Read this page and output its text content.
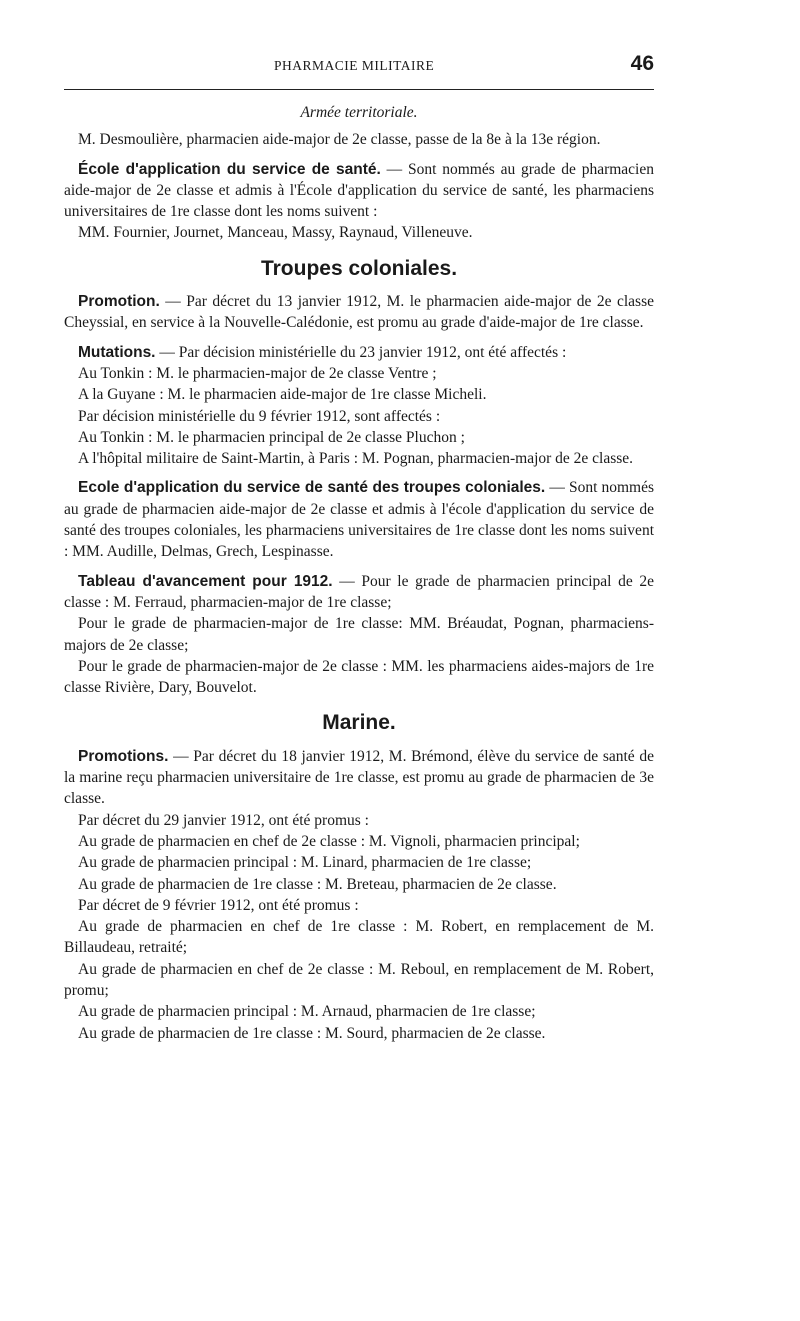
PHARMACIE MILITAIRE	46

Armée territoriale.

M. Desmoulière, pharmacien aide-major de 2e classe, passe de la 8e à la 13e région.

École d'application du service de santé. — Sont nommés au grade de pharmacien aide-major de 2e classe et admis à l'École d'application du service de santé, les pharmaciens universitaires de 1re classe dont les noms suivent :

MM. Fournier, Journet, Manceau, Massy, Raynaud, Villeneuve.

Troupes coloniales.

Promotion. — Par décret du 13 janvier 1912, M. le pharmacien aide-major de 2e classe Cheyssial, en service à la Nouvelle-Calédonie, est promu au grade d'aide-major de 1re classe.

Mutations. — Par décision ministérielle du 23 janvier 1912, ont été affectés :

Au Tonkin : M. le pharmacien-major de 2e classe Ventre ;

A la Guyane : M. le pharmacien aide-major de 1re classe Micheli.

Par décision ministérielle du 9 février 1912, sont affectés :

Au Tonkin : M. le pharmacien principal de 2e classe Pluchon ;

A l'hôpital militaire de Saint-Martin, à Paris : M. Pognan, pharmacien-major de 2e classe.

Ecole d'application du service de santé des troupes coloniales. — Sont nommés au grade de pharmacien aide-major de 2e classe et admis à l'école d'application du service de santé des troupes coloniales, les pharmaciens universitaires de 1re classe dont les noms suivent : MM. Audille, Delmas, Grech, Lespinasse.

Tableau d'avancement pour 1912. — Pour le grade de pharmacien principal de 2e classe : M. Ferraud, pharmacien-major de 1re classe;

Pour le grade de pharmacien-major de 1re classe: MM. Bréaudat, Pognan, pharmaciens-majors de 2e classe;

Pour le grade de pharmacien-major de 2e classe : MM. les pharmaciens aides-majors de 1re classe Rivière, Dary, Bouvelot.

Marine.

Promotions. — Par décret du 18 janvier 1912, M. Brémond, élève du service de santé de la marine reçu pharmacien universitaire de 1re classe, est promu au grade de pharmacien de 3e classe.

Par décret du 29 janvier 1912, ont été promus :

Au grade de pharmacien en chef de 2e classe : M. Vignoli, pharmacien principal;

Au grade de pharmacien principal : M. Linard, pharmacien de 1re classe;

Au grade de pharmacien de 1re classe : M. Breteau, pharmacien de 2e classe.

Par décret de 9 février 1912, ont été promus :

Au grade de pharmacien en chef de 1re classe : M. Robert, en remplacement de M. Billaudeau, retraité;

Au grade de pharmacien en chef de 2e classe : M. Reboul, en remplacement de M. Robert, promu;

Au grade de pharmacien principal : M. Arnaud, pharmacien de 1re classe;

Au grade de pharmacien de 1re classe : M. Sourd, pharmacien de 2e classe.
